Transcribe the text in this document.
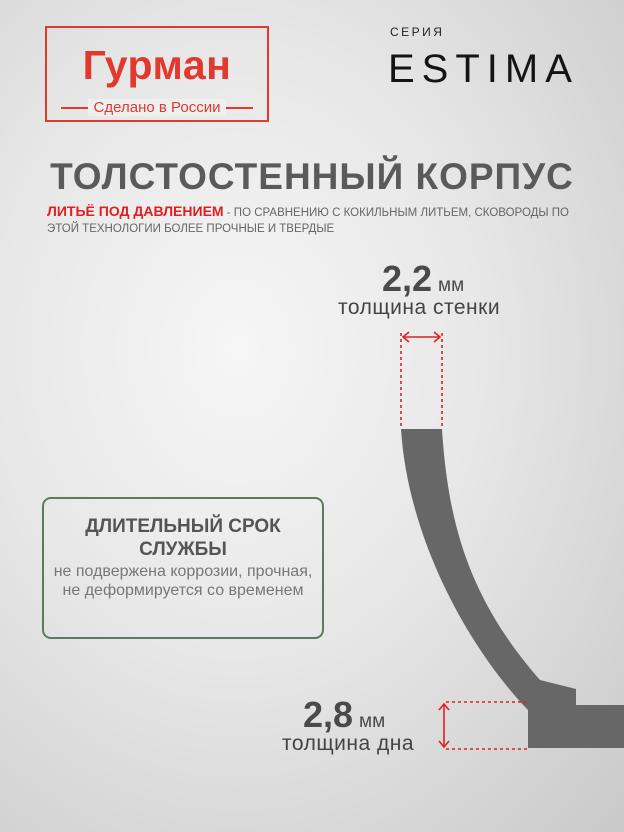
Гурман
Сделано в России
СЕРИЯ
ESTIMA
ТОЛСТОСТЕННЫЙ КОРПУС
ЛИТЬЁ ПОД ДАВЛЕНИЕМ - ПО СРАВНЕНИЮ С КОКИЛЬНЫМ ЛИТЬЕМ, СКОВОРОДЫ ПО ЭТОЙ ТЕХНОЛОГИИ БОЛЕЕ ПРОЧНЫЕ И ТВЕРДЫЕ
2,2 мм
толщина стенки
ДЛИТЕЛЬНЫЙ СРОК СЛУЖБЫ
не подвержена коррозии, прочная, не деформируется со временем
2,8 мм
толщина дна
